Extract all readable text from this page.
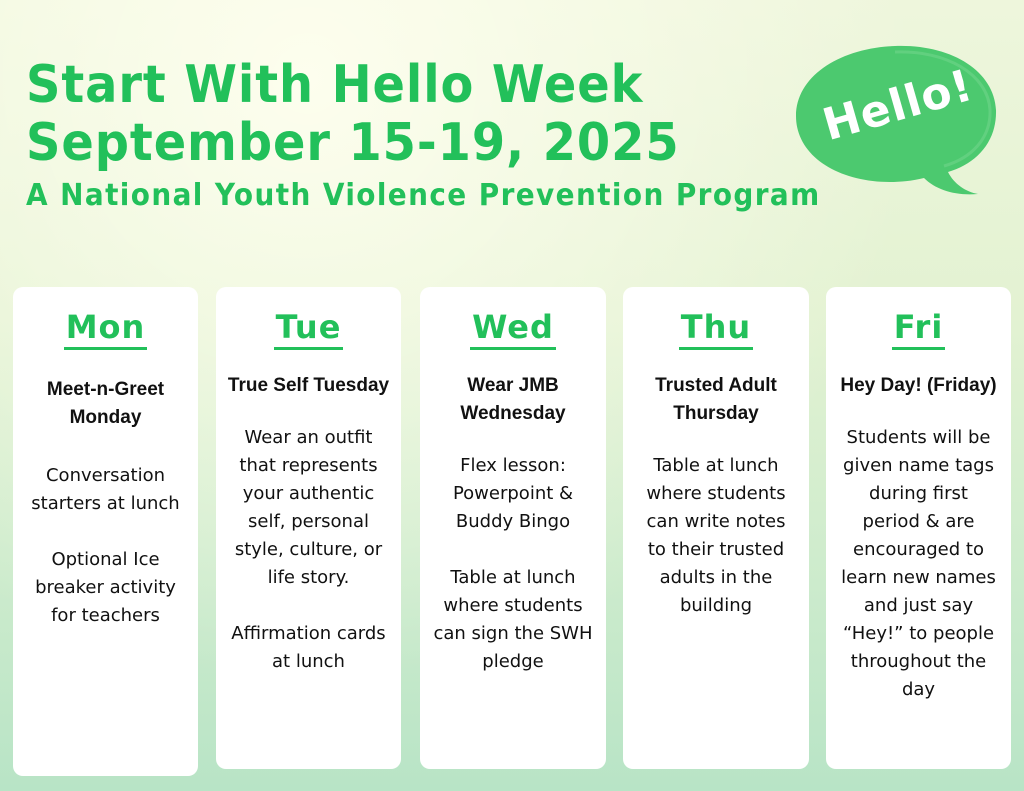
Start With Hello Week
September 15-19, 2025
A National Youth Violence Prevention Program
Hello!
Mon
Meet-n-Greet Monday

Conversation starters at lunch

Optional Ice breaker activity for teachers

Tue
True Self Tuesday

Wear an outfit that represents your authentic self, personal style, culture, or life story.

Affirmation cards at lunch

Wed
Wear JMB Wednesday

Flex lesson: Powerpoint & Buddy Bingo

Table at lunch where students can sign the SWH pledge

Thu
Trusted Adult Thursday

Table at lunch where students can write notes to their trusted adults in the building

Fri
Hey Day! (Friday)

Students will be given name tags during first period & are encouraged to learn new names and just say “Hey!” to people throughout the day
